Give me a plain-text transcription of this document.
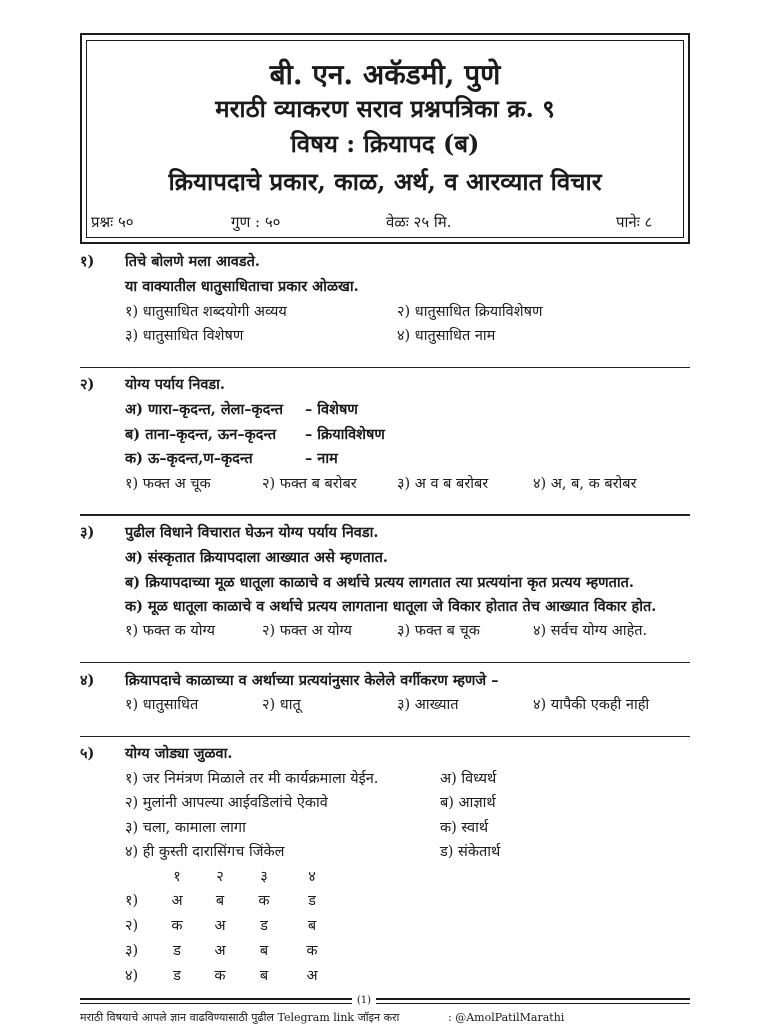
बी. एन. अकॅडमी, पुणे
मराठी व्याकरण सराव प्रश्नपत्रिका क्र. ९
विषय : क्रियापद (ब)
क्रियापदाचे प्रकार, काळ, अर्थ, व आरव्यात विचार
प्रश्नः ५०	गुण : ५०	वेळः २५ मि.	पानेः ८
१)	तिचे बोलणे मला आवडते.
या वाक्यातील धातुसाधिताचा प्रकार ओळखा.
१) धातुसाधित शब्दयोगी अव्यय	२) धातुसाधित क्रियाविशेषण
३) धातुसाधित विशेषण	४) धातुसाधित नाम
२)	योग्य पर्याय निवडा.
अ) णारा–कृदन्त, लेला–कृदन्त	– विशेषण
ब) ताना–कृदन्त, ऊन–कृदन्त	– क्रियाविशेषण
क) ऊ–कृदन्त,ण–कृदन्त	– नाम
१) फक्त अ चूक	२) फक्त ब बरोबर	३) अ व ब बरोबर	४) अ, ब, क बरोबर
३)	पुढील विधाने विचारात घेऊन योग्य पर्याय निवडा.
अ) संस्कृतात क्रियापदाला आख्यात असे म्हणतात.
ब) क्रियापदाच्या मूळ धातूला काळाचे व अर्थाचे प्रत्यय लागतात त्या प्रत्ययांना कृत प्रत्यय म्हणतात.
क) मूळ धातूला काळाचे व अर्थाचे प्रत्यय लागताना धातूला जे विकार होतात तेच आख्यात विकार होत.
१) फक्त क योग्य	२) फक्त अ योग्य	३) फक्त ब चूक	४) सर्वच योग्य आहेत.
४)	क्रियापदाचे काळाच्या व अर्थाच्या प्रत्ययांनुसार केलेले वर्गीकरण म्हणजे –
१) धातुसाधित	२) धातू	३) आख्यात	४) यापैकी एकही नाही
५)	योग्य जोड्या जुळवा.
१) जर निमंत्रण मिळाले तर मी कार्यक्रमाला येईन.	अ) विध्यर्थ
२) मुलांनी आपल्या आईवडिलांचे ऐकावे	ब) आज्ञार्थ
३) चला, कामाला लागा	क) स्वार्थ
४) ही कुस्ती दारासिंगच जिंकेल	ड) संकेतार्थ
१	२	३	४
१)	अ	ब	क	ड
२)	क	अ	ड	ब
३)	ड	अ	ब	क
४)	ड	क	ब	अ
(1)
मराठी विषयाचे आपले ज्ञान वाढविण्यासाठी पुढील Telegram link जॉइन करा	: @AmolPatilMarathi
